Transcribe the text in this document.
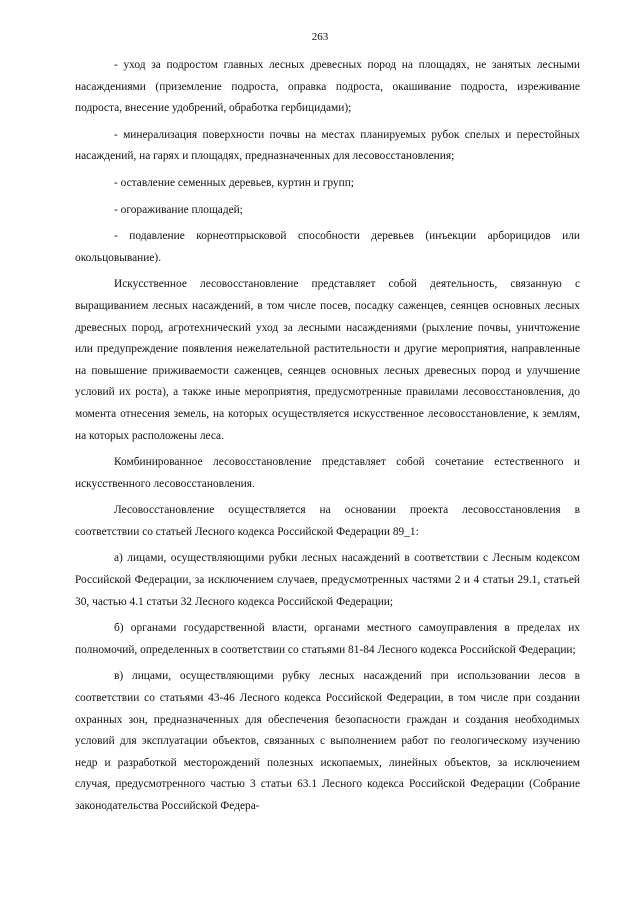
263

- уход за подростом главных лесных древесных пород на площадях, не занятых лесными насаждениями (приземление подроста, оправка подроста, окашивание подроста, изреживание подроста, внесение удобрений, обработка гербицидами);

- минерализация поверхности почвы на местах планируемых рубок спелых и перестойных насаждений, на гарях и площадях, предназначенных для лесовосстановления;

- оставление семенных деревьев, куртин и групп;

- огораживание площадей;

- подавление корнеотпрысковой способности деревьев (инъекции арборицидов или окольцовывание).

Искусственное лесовосстановление представляет собой деятельность, связанную с выращиванием лесных насаждений, в том числе посев, посадку саженцев, сеянцев основных лесных древесных пород, агротехнический уход за лесными насаждениями (рыхление почвы, уничтожение или предупреждение появления нежелательной растительности и другие мероприятия, направленные на повышение приживаемости саженцев, сеянцев основных лесных древесных пород и улучшение условий их роста), а также иные мероприятия, предусмотренные правилами лесовосстановления, до момента отнесения земель, на которых осуществляется искусственное лесовосстановление, к землям, на которых расположены леса.

Комбинированное лесовосстановление представляет собой сочетание естественного и искусственного лесовосстановления.

Лесовосстановление осуществляется на основании проекта лесовосстановления в соответствии со статьей Лесного кодекса Российской Федерации 89_1:

а) лицами, осуществляющими рубки лесных насаждений в соответствии с Лесным кодексом Российской Федерации, за исключением случаев, предусмотренных частями 2 и 4 статьи 29.1, статьей 30, частью 4.1 статьи 32 Лесного кодекса Российской Федерации;

б) органами государственной власти, органами местного самоуправления в пределах их полномочий, определенных в соответствии со статьями 81-84 Лесного кодекса Российской Федерации;

в) лицами, осуществляющими рубку лесных насаждений при использовании лесов в соответствии со статьями 43-46 Лесного кодекса Российской Федерации, в том числе при создании охранных зон, предназначенных для обеспечения безопасности граждан и создания необходимых условий для эксплуатации объектов, связанных с выполнением работ по геологическому изучению недр и разработкой месторождений полезных ископаемых, линейных объектов, за исключением случая, предусмотренного частью 3 статьи 63.1 Лесного кодекса Российской Федерации (Собрание законодательства Российской Федера-
